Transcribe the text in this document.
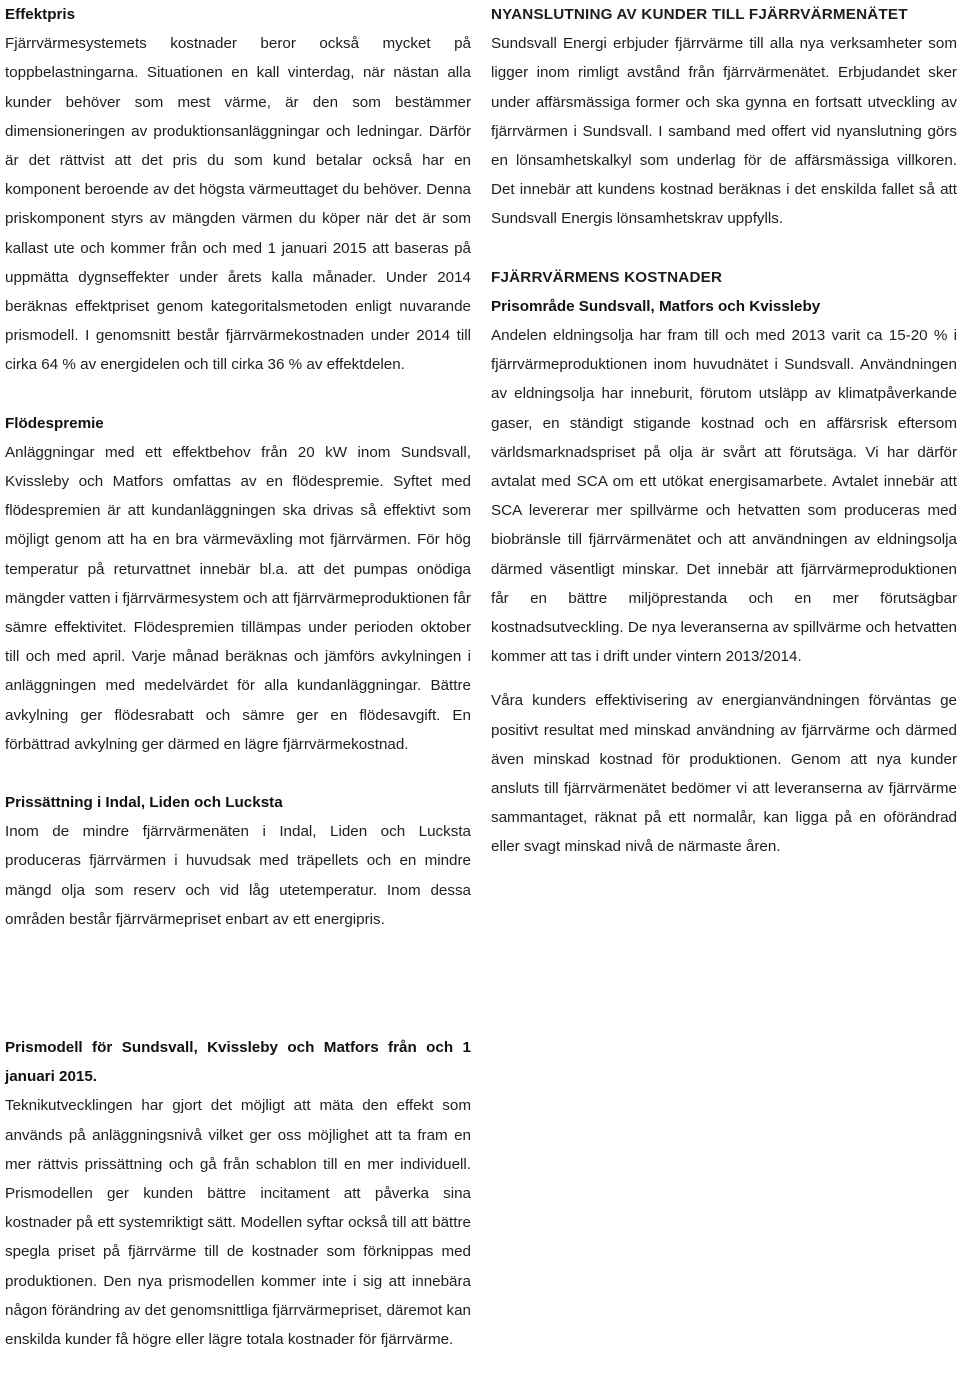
Effektpris

Fjärrvärmesystemets kostnader beror också mycket på toppbelastningarna. Situationen en kall vinterdag, när nästan alla kunder behöver som mest värme, är den som bestämmer dimensioneringen av produktionsanläggningar och ledningar. Därför är det rättvist att det pris du som kund betalar också har en komponent beroende av det högsta värmeuttaget du behöver. Denna priskomponent styrs av mängden värmen du köper när det är som kallast ute och kommer från och med 1 januari 2015 att baseras på uppmätta dygnseffekter under årets kalla månader. Under 2014 beräknas effektpriset genom kategoritalsmetoden enligt nuvarande prismodell. I genomsnitt består fjärrvärmekostnaden under 2014 till cirka 64 % av energidelen och till cirka 36 % av effektdelen.

Flödespremie

Anläggningar med ett effektbehov från 20 kW inom Sundsvall, Kvissleby och Matfors omfattas av en flödespremie. Syftet med flödespremien är att kundanläggningen ska drivas så effektivt som möjligt genom att ha en bra värmeväxling mot fjärrvärmen. För hög temperatur på returvattnet innebär bl.a. att det pumpas onödiga mängder vatten i fjärrvärmesystem och att fjärrvärmeproduktionen får sämre effektivitet. Flödespremien tillämpas under perioden oktober till och med april. Varje månad beräknas och jämförs avkylningen i anläggningen med medelvärdet för alla kundanläggningar. Bättre avkylning ger flödesrabatt och sämre ger en flödesavgift. En förbättrad avkylning ger därmed en lägre fjärrvärmekostnad.

Prissättning i Indal, Liden och Lucksta

Inom de mindre fjärrvärmenäten i Indal, Liden och Lucksta produceras fjärrvärmen i huvudsak med träpellets och en mindre mängd olja som reserv och vid låg utetemperatur. Inom dessa områden består fjärrvärmepriset enbart av ett energipris.

NYANSLUTNING AV KUNDER TILL FJÄRRVÄRMENÄTET

Sundsvall Energi erbjuder fjärrvärme till alla nya verksamheter som ligger inom rimligt avstånd från fjärrvärmenätet. Erbjudandet sker under affärsmässiga former och ska gynna en fortsatt utveckling av fjärrvärmen i Sundsvall. I samband med offert vid nyanslutning görs en lönsamhetskalkyl som underlag för de affärsmässiga villkoren. Det innebär att kundens kostnad beräknas i det enskilda fallet så att Sundsvall Energis lönsamhetskrav uppfylls.

FJÄRRVÄRMENS KOSTNADER
Prisområde Sundsvall, Matfors och Kvissleby

Andelen eldningsolja har fram till och med 2013 varit ca 15-20 % i fjärrvärmeproduktionen inom huvudnätet i Sundsvall. Användningen av eldningsolja har inneburit, förutom utsläpp av klimatpåverkande gaser, en ständigt stigande kostnad och en affärsrisk eftersom världsmarknadspriset på olja är svårt att förutsäga. Vi har därför avtalat med SCA om ett utökat energisamarbete. Avtalet innebär att SCA levererar mer spillvärme och hetvatten som produceras med biobränsle till fjärrvärmenätet och att användningen av eldningsolja därmed väsentligt minskar. Det innebär att fjärrvärmeproduktionen får en bättre miljöprestanda och en mer förutsägbar kostnadsutveckling. De nya leveranserna av spillvärme och hetvatten kommer att tas i drift under vintern 2013/2014.

Våra kunders effektivisering av energianvändningen förväntas ge positivt resultat med minskad användning av fjärrvärme och därmed även minskad kostnad för produktionen. Genom att nya kunder ansluts till fjärrvärmenätet bedömer vi att leveranserna av fjärrvärme sammantaget, räknat på ett normalår, kan ligga på en oförändrad eller svagt minskad nivå de närmaste åren.

Prismodell för Sundsvall, Kvissleby och Matfors från och 1 januari 2015.

Teknikutvecklingen har gjort det möjligt att mäta den effekt som används på anläggningsnivå vilket ger oss möjlighet att ta fram en mer rättvis prissättning och gå från schablon till en mer individuell. Prismodellen ger kunden bättre incitament att påverka sina kostnader på ett systemriktigt sätt. Modellen syftar också till att bättre spegla priset på fjärrvärme till de kostnader som förknippas med produktionen. Den nya prismodellen kommer inte i sig att innebära någon förändring av det genomsnittliga fjärrvärmepriset, däremot kan enskilda kunder få högre eller lägre totala kostnader för fjärrvärme.
